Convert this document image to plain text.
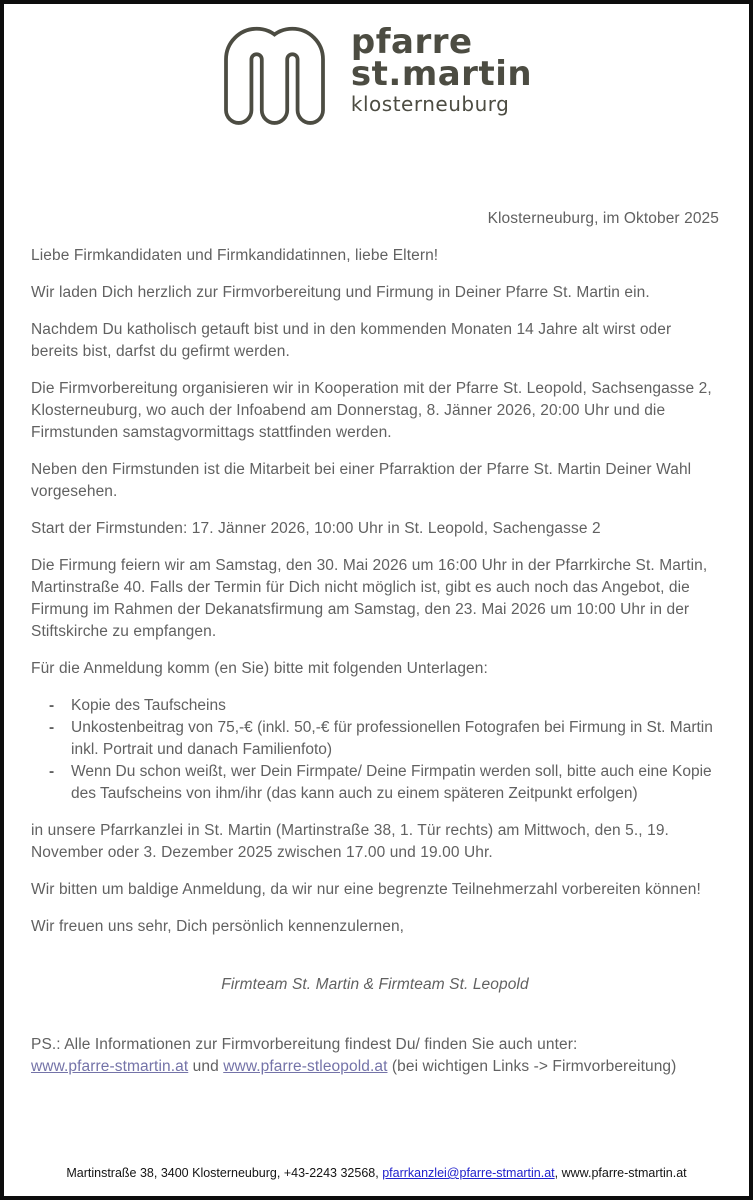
pfarre
st.martin
klosterneuburg
Klosterneuburg, im Oktober 2025

Liebe Firmkandidaten und Firmkandidatinnen, liebe Eltern!

Wir laden Dich herzlich zur Firmvorbereitung und Firmung in Deiner Pfarre St. Martin ein.

Nachdem Du katholisch getauft bist und in den kommenden Monaten 14 Jahre alt wirst oder bereits bist, darfst du gefirmt werden.

Die Firmvorbereitung organisieren wir in Kooperation mit der Pfarre St. Leopold, Sachsengasse 2, Klosterneuburg, wo auch der Infoabend am Donnerstag, 8. Jänner 2026, 20:00 Uhr und die Firmstunden samstagvormittags stattfinden werden.

Neben den Firmstunden ist die Mitarbeit bei einer Pfarraktion der Pfarre St. Martin Deiner Wahl vorgesehen.

Start der Firmstunden: 17. Jänner 2026, 10:00 Uhr in St. Leopold, Sachengasse 2

Die Firmung feiern wir am Samstag, den 30. Mai 2026 um 16:00 Uhr in der Pfarrkirche St. Martin, Martinstraße 40. Falls der Termin für Dich nicht möglich ist, gibt es auch noch das Angebot, die Firmung im Rahmen der Dekanatsfirmung am Samstag, den 23. Mai 2026 um 10:00 Uhr in der Stiftskirche zu empfangen.

Für die Anmeldung komm (en Sie) bitte mit folgenden Unterlagen:

-	Kopie des Taufscheins
-	Unkostenbeitrag von 75,-€ (inkl. 50,-€ für professionellen Fotografen bei Firmung in St. Martin inkl. Portrait und danach Familienfoto)
-	Wenn Du schon weißt, wer Dein Firmpate/ Deine Firmpatin werden soll, bitte auch eine Kopie des Taufscheins von ihm/ihr (das kann auch zu einem späteren Zeitpunkt erfolgen)

in unsere Pfarrkanzlei in St. Martin (Martinstraße 38, 1. Tür rechts) am Mittwoch, den 5., 19. November oder 3. Dezember 2025 zwischen 17.00 und 19.00 Uhr.

Wir bitten um baldige Anmeldung, da wir nur eine begrenzte Teilnehmerzahl vorbereiten können!

Wir freuen uns sehr, Dich persönlich kennenzulernen,

Firmteam St. Martin & Firmteam St. Leopold

PS.: Alle Informationen zur Firmvorbereitung findest Du/ finden Sie auch unter:
www.pfarre-stmartin.at und www.pfarre-stleopold.at (bei wichtigen Links -> Firmvorbereitung)

Martinstraße 38, 3400 Klosterneuburg, +43-2243 32568, pfarrkanzlei@pfarre-stmartin.at, www.pfarre-stmartin.at
